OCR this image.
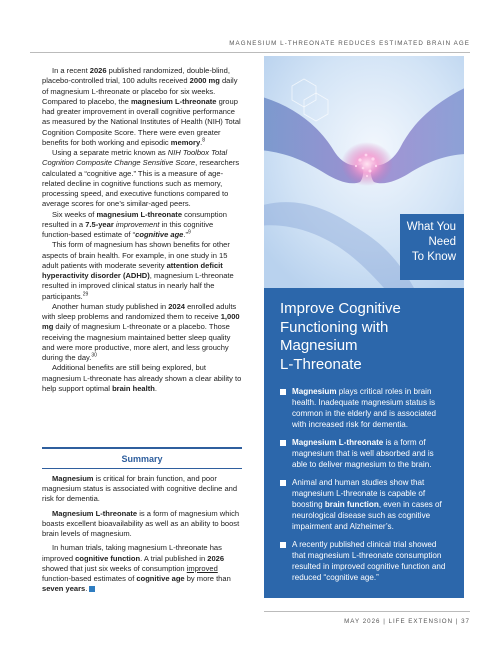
MAGNESIUM L-THREONATE REDUCES ESTIMATED BRAIN AGE

In a recent 2026 published randomized, double-blind, placebo-controlled trial, 100 adults received 2000 mg daily of magnesium L-threonate or placebo for six weeks. Compared to placebo, the magnesium L-threonate group had greater improvement in overall cognitive performance as measured by the National Institutes of Health (NIH) Total Cognition Composite Score. There were even greater benefits for both working and episodic memory.$^8$

Using a separate metric known as NIH Toolbox Total Cognition Composite Change Sensitive Score, researchers calculated a “cognitive age.” This is a measure of age-related decline in cognitive functions such as memory, processing speed, and executive functions compared to average scores for one’s similar-aged peers.

Six weeks of magnesium L-threonate consumption resulted in a 7.5-year improvement in this cognitive function-based estimate of “cognitive age.”$^9$

This form of magnesium has shown benefits for other aspects of brain health. For example, in one study in 15 adult patients with moderate severity attention deficit hyperactivity disorder (ADHD), magnesium L-threonate resulted in improved clinical status in nearly half the participants.$^{29}$

Another human study published in 2024 enrolled adults with sleep problems and randomized them to receive 1,000 mg daily of magnesium L-threonate or a placebo. Those receiving the magnesium maintained better sleep quality and were more productive, more alert, and less grouchy during the day.$^{30}$

Additional benefits are still being explored, but magnesium L-threonate has already shown a clear ability to help support optimal brain health.

Summary

Magnesium is critical for brain function, and poor magnesium status is associated with cognitive decline and risk for dementia.

Magnesium L-threonate is a form of magnesium which boasts excellent bioavailability as well as an ability to boost brain levels of magnesium.

In human trials, taking magnesium L-threonate has improved cognitive function. A trial published in 2026 showed that just six weeks of consumption improved function-based estimates of cognitive age by more than seven years.

What You
Need
To Know
Improve Cognitive
Functioning with
Magnesium
L-Threonate
Magnesium plays critical roles in brain health. Inadequate magnesium status is common in the elderly and is associated with increased risk for dementia.
Magnesium L-threonate is a form of magnesium that is well absorbed and is able to deliver magnesium to the brain.
Animal and human studies show that magnesium L-threonate is capable of boosting brain function, even in cases of neurological disease such as cognitive impairment and Alzheimer’s.
A recently published clinical trial showed that magnesium L-threonate consumption resulted in improved cognitive function and reduced “cognitive age.”
MAY 2026 | LIFE EXTENSION | 37
